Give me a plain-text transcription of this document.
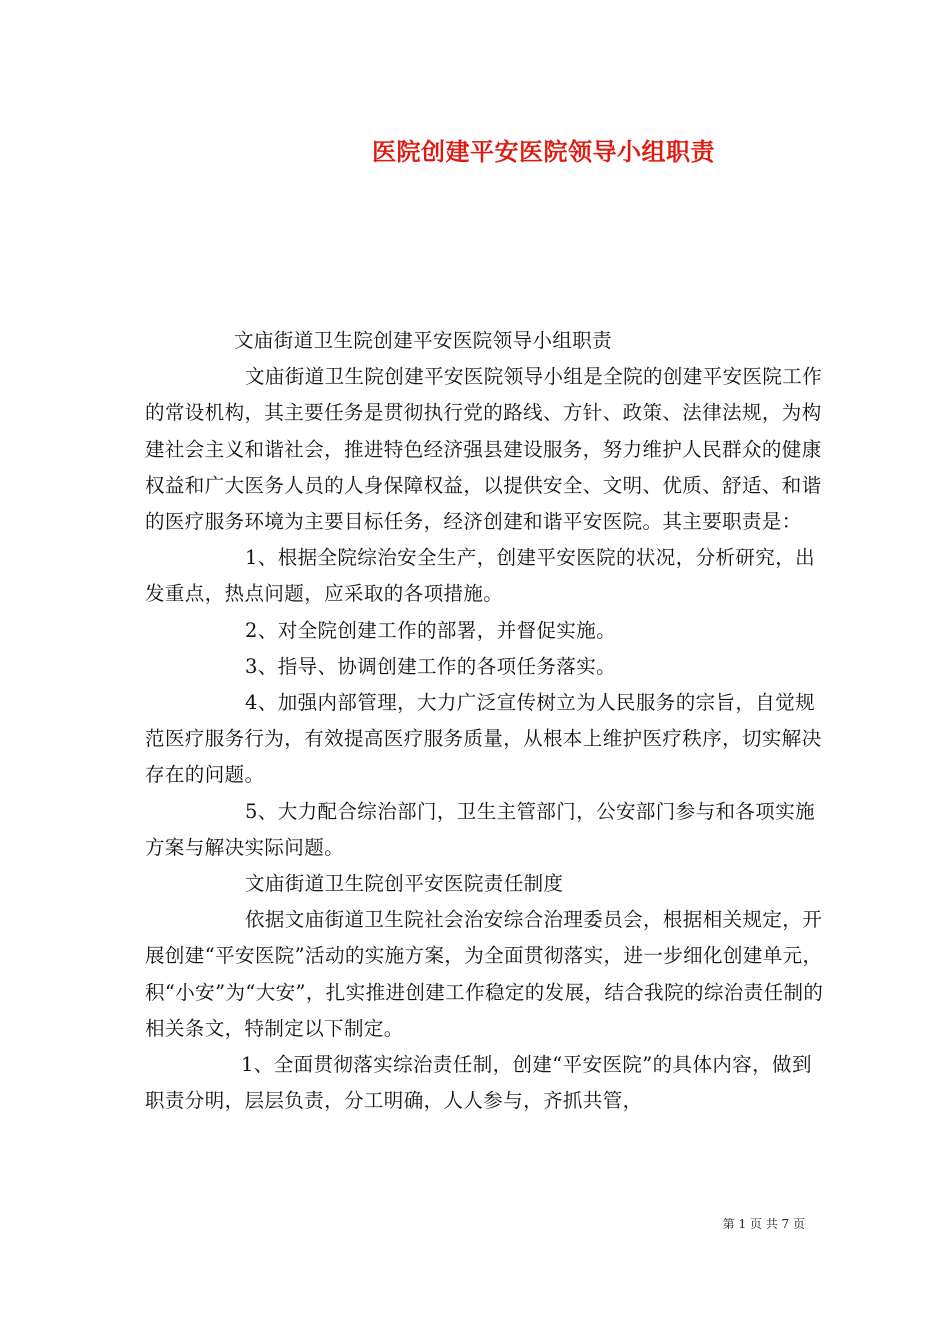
医院创建平安医院领导小组职责

文庙街道卫生院创建平安医院领导小组职责

文庙街道卫生院创建平安医院领导小组是全院的创建平安医院工作的常设机构，其主要任务是贯彻执行党的路线、方针、政策、法律法规，为构建社会主义和谐社会，推进特色经济强县建设服务，努力维护人民群众的健康权益和广大医务人员的人身保障权益，以提供安全、文明、优质、舒适、和谐的医疗服务环境为主要目标任务，经济创建和谐平安医院。其主要职责是：

1、根据全院综治安全生产，创建平安医院的状况，分析研究，出发重点，热点问题，应采取的各项措施。

2、对全院创建工作的部署，并督促实施。

3、指导、协调创建工作的各项任务落实。

4、加强内部管理，大力广泛宣传树立为人民服务的宗旨，自觉规范医疗服务行为，有效提高医疗服务质量，从根本上维护医疗秩序，切实解决存在的问题。

5、大力配合综治部门，卫生主管部门，公安部门参与和各项实施方案与解决实际问题。

文庙街道卫生院创平安医院责任制度

依据文庙街道卫生院社会治安综合治理委员会，根据相关规定，开展创建“平安医院”活动的实施方案，为全面贯彻落实，进一步细化创建单元，积“小安”为“大安”，扎实推进创建工作稳定的发展，结合我院的综治责任制的相关条文，特制定以下制定。

1、全面贯彻落实综治责任制，创建“平安医院”的具体内容，做到职责分明，层层负责，分工明确，人人参与，齐抓共管，

第 1 页 共 7 页
